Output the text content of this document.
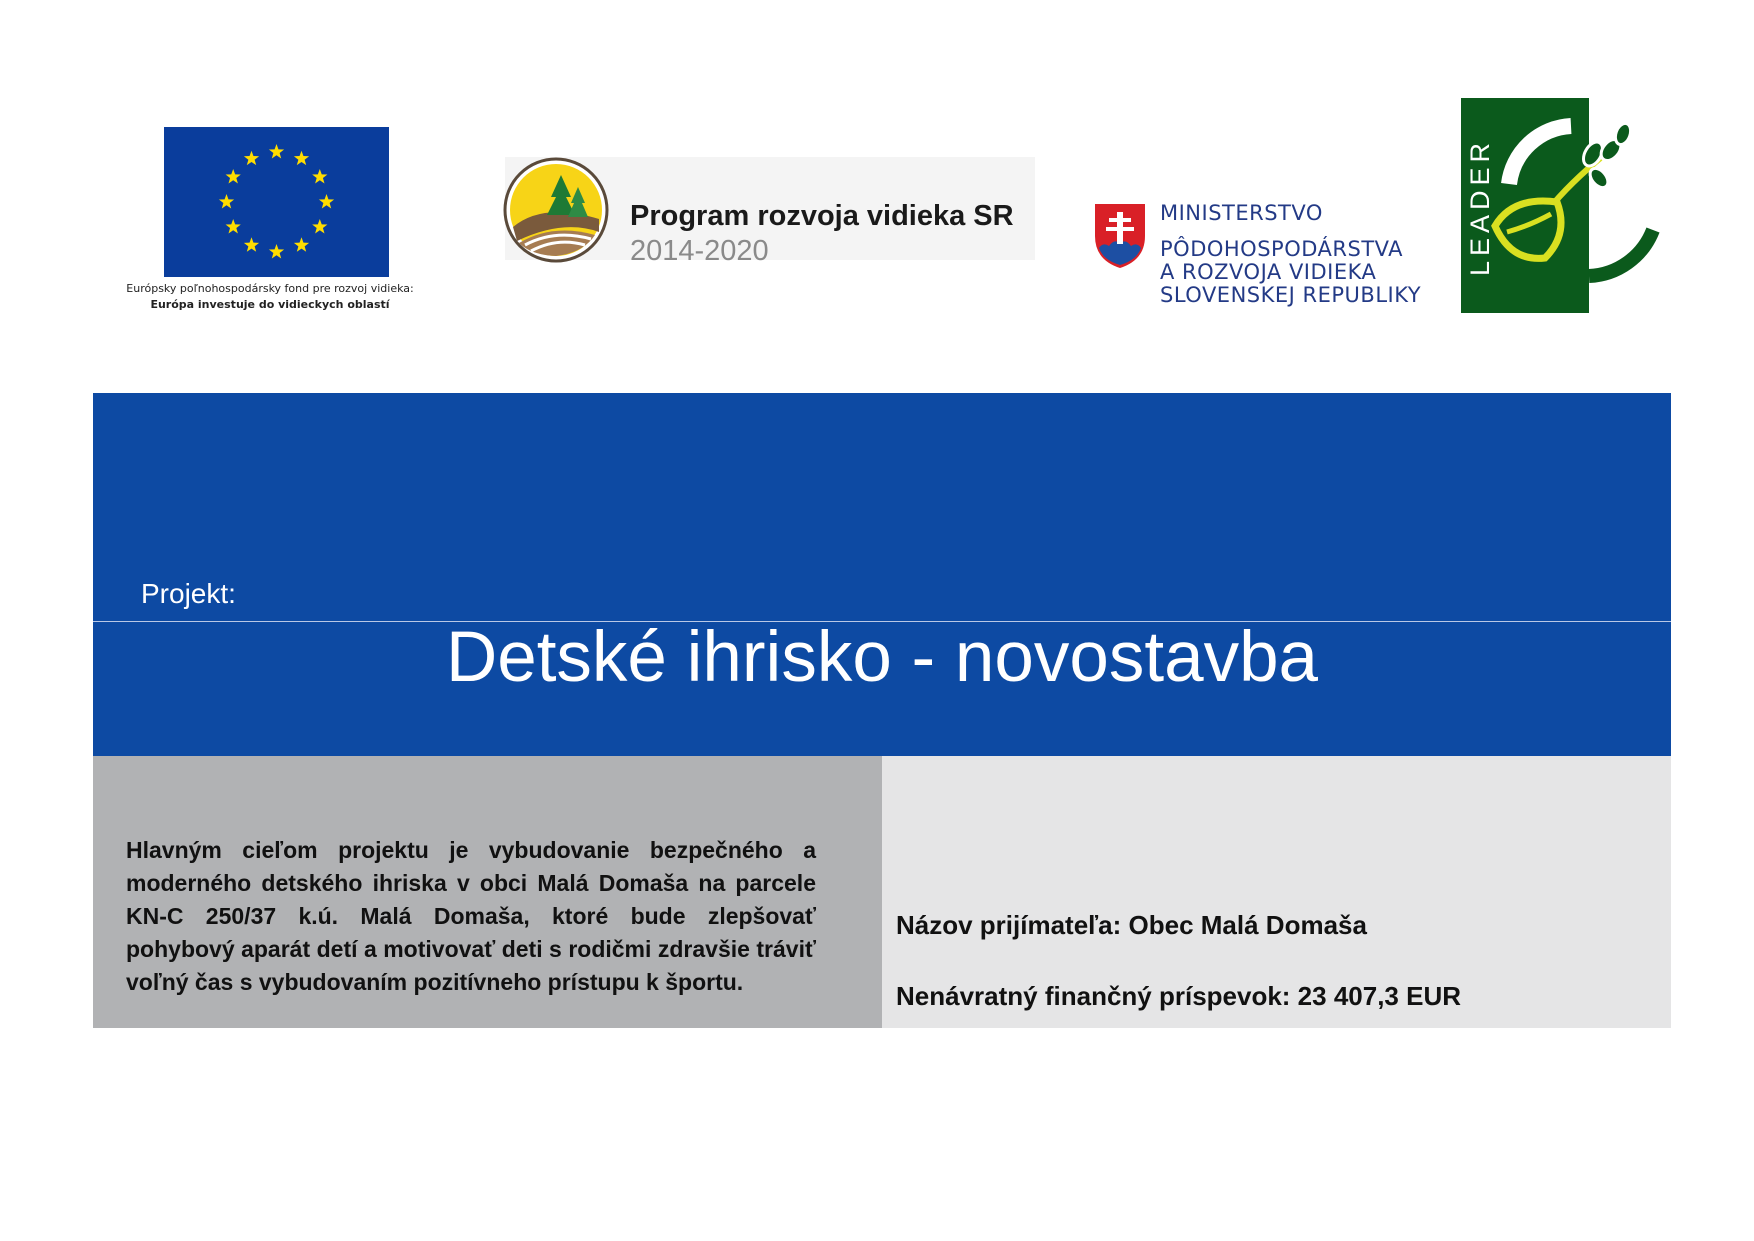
Európsky poľnohospodársky fond pre rozvoj vidieka:
Európa investuje do vidieckych oblastí
Program rozvoja vidieka SR
2014-2020
MINISTERSTVO
PÔDOHOSPODÁRSTVA
A ROZVOJA VIDIEKA
SLOVENSKEJ REPUBLIKY
LEADER
Projekt:
Detské ihrisko - novostavba
Hlavným cieľom projektu je vybudovanie bezpečného a moderného detského ihriska v obci Malá Domaša na parcele KN-C 250/37 k.ú. Malá Domaša, ktoré bude zlepšovať pohybový aparát detí a motivovať deti s rodičmi zdravšie tráviť voľný čas s vybudovaním pozitívneho prístupu k športu.
Názov prijímateľa: Obec Malá Domaša
Nenávratný finančný príspevok: 23 407,3 EUR
